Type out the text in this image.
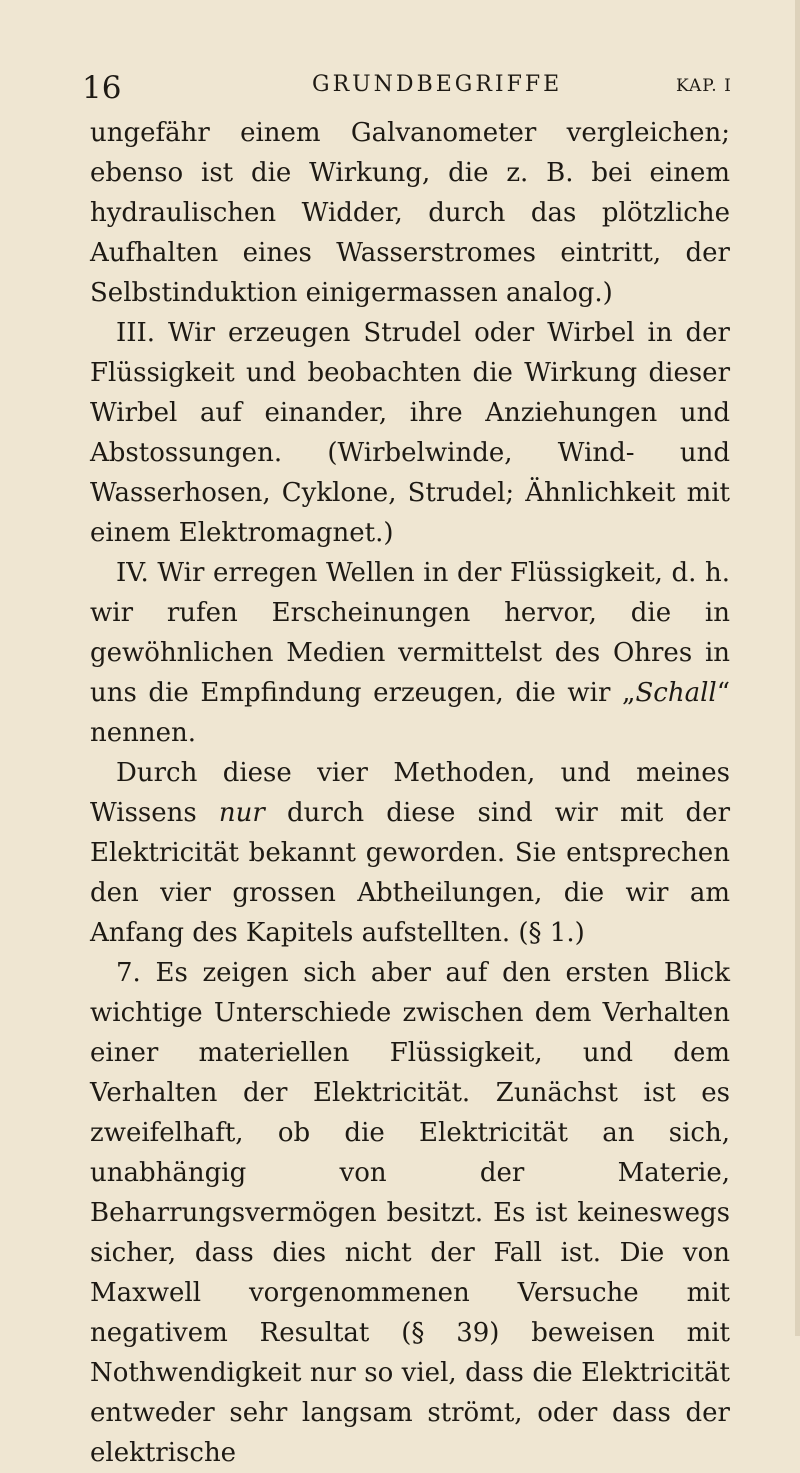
16	GRUNDBEGRIFFE	KAP. I

ungefähr einem Galvanometer vergleichen; ebenso ist die Wirkung, die z. B. bei einem hydraulischen Widder, durch das plötzliche Aufhalten eines Wasserstromes eintritt, der Selbstinduktion einigermassen analog.)

III. Wir erzeugen Strudel oder Wirbel in der Flüssigkeit und beobachten die Wirkung dieser Wirbel auf einander, ihre Anziehungen und Abstossungen. (Wirbelwinde, Wind- und Wasserhosen, Cyklone, Strudel; Ähnlichkeit mit einem Elektromagnet.)

IV. Wir erregen Wellen in der Flüssigkeit, d. h. wir rufen Erscheinungen hervor, die in gewöhnlichen Medien vermittelst des Ohres in uns die Empfindung erzeugen, die wir „Schall“ nennen.

Durch diese vier Methoden, und meines Wissens nur durch diese sind wir mit der Elektricität bekannt geworden. Sie entsprechen den vier grossen Abtheilungen, die wir am Anfang des Kapitels aufstellten. (§ 1.)

7. Es zeigen sich aber auf den ersten Blick wichtige Unterschiede zwischen dem Verhalten einer materiellen Flüssigkeit, und dem Verhalten der Elektricität. Zunächst ist es zweifelhaft, ob die Elektricität an sich, unabhängig von der Materie, Beharrungsvermögen besitzt. Es ist keineswegs sicher, dass dies nicht der Fall ist. Die von Maxwell vorgenommenen Versuche mit negativem Resultat (§ 39) beweisen mit Nothwendigkeit nur so viel, dass die Elektricität entweder sehr langsam strömt, oder dass der elektrische
